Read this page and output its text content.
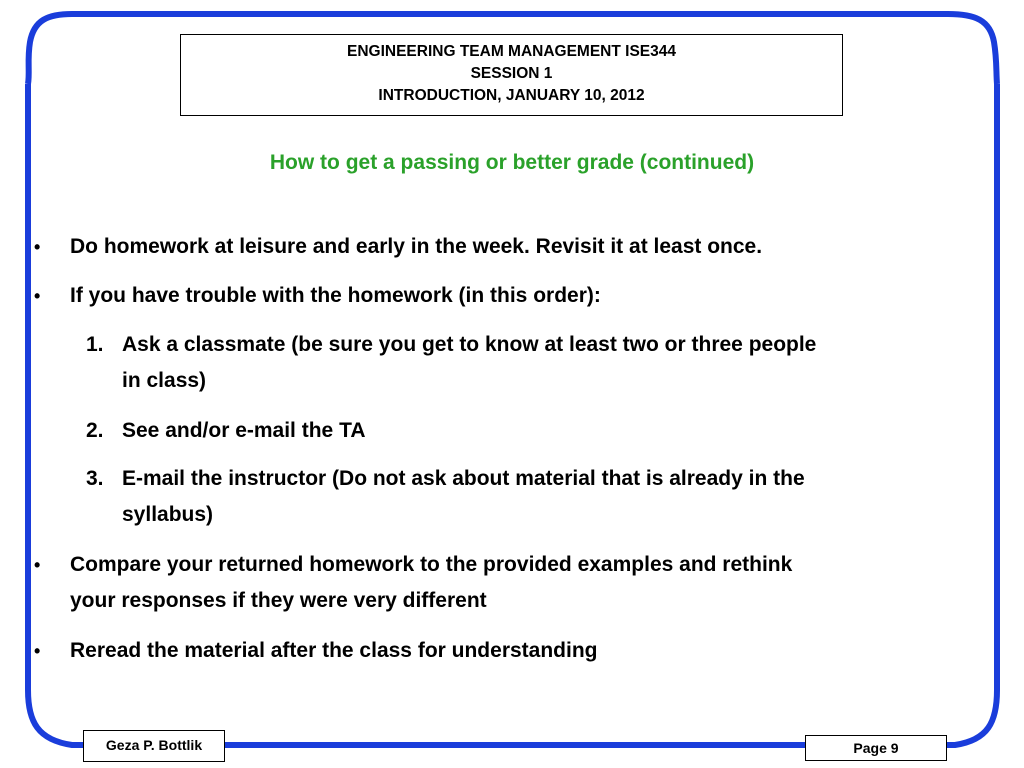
ENGINEERING TEAM MANAGEMENT ISE344
SESSION 1
INTRODUCTION, JANUARY 10, 2012
How to get a passing or better grade (continued)
• Do homework at leisure and early in the week. Revisit it at least once.
• If you have trouble with the homework (in this order):
1. Ask a classmate (be sure you get to know at least two or three people
in class)
2. See and/or e-mail the TA
3. E-mail the instructor (Do not ask about material that is already in the
syllabus)
• Compare your returned homework to the provided examples and rethink
your responses if they were very different
• Reread the material after the class for understanding
Geza P. Bottlik	Page 9
